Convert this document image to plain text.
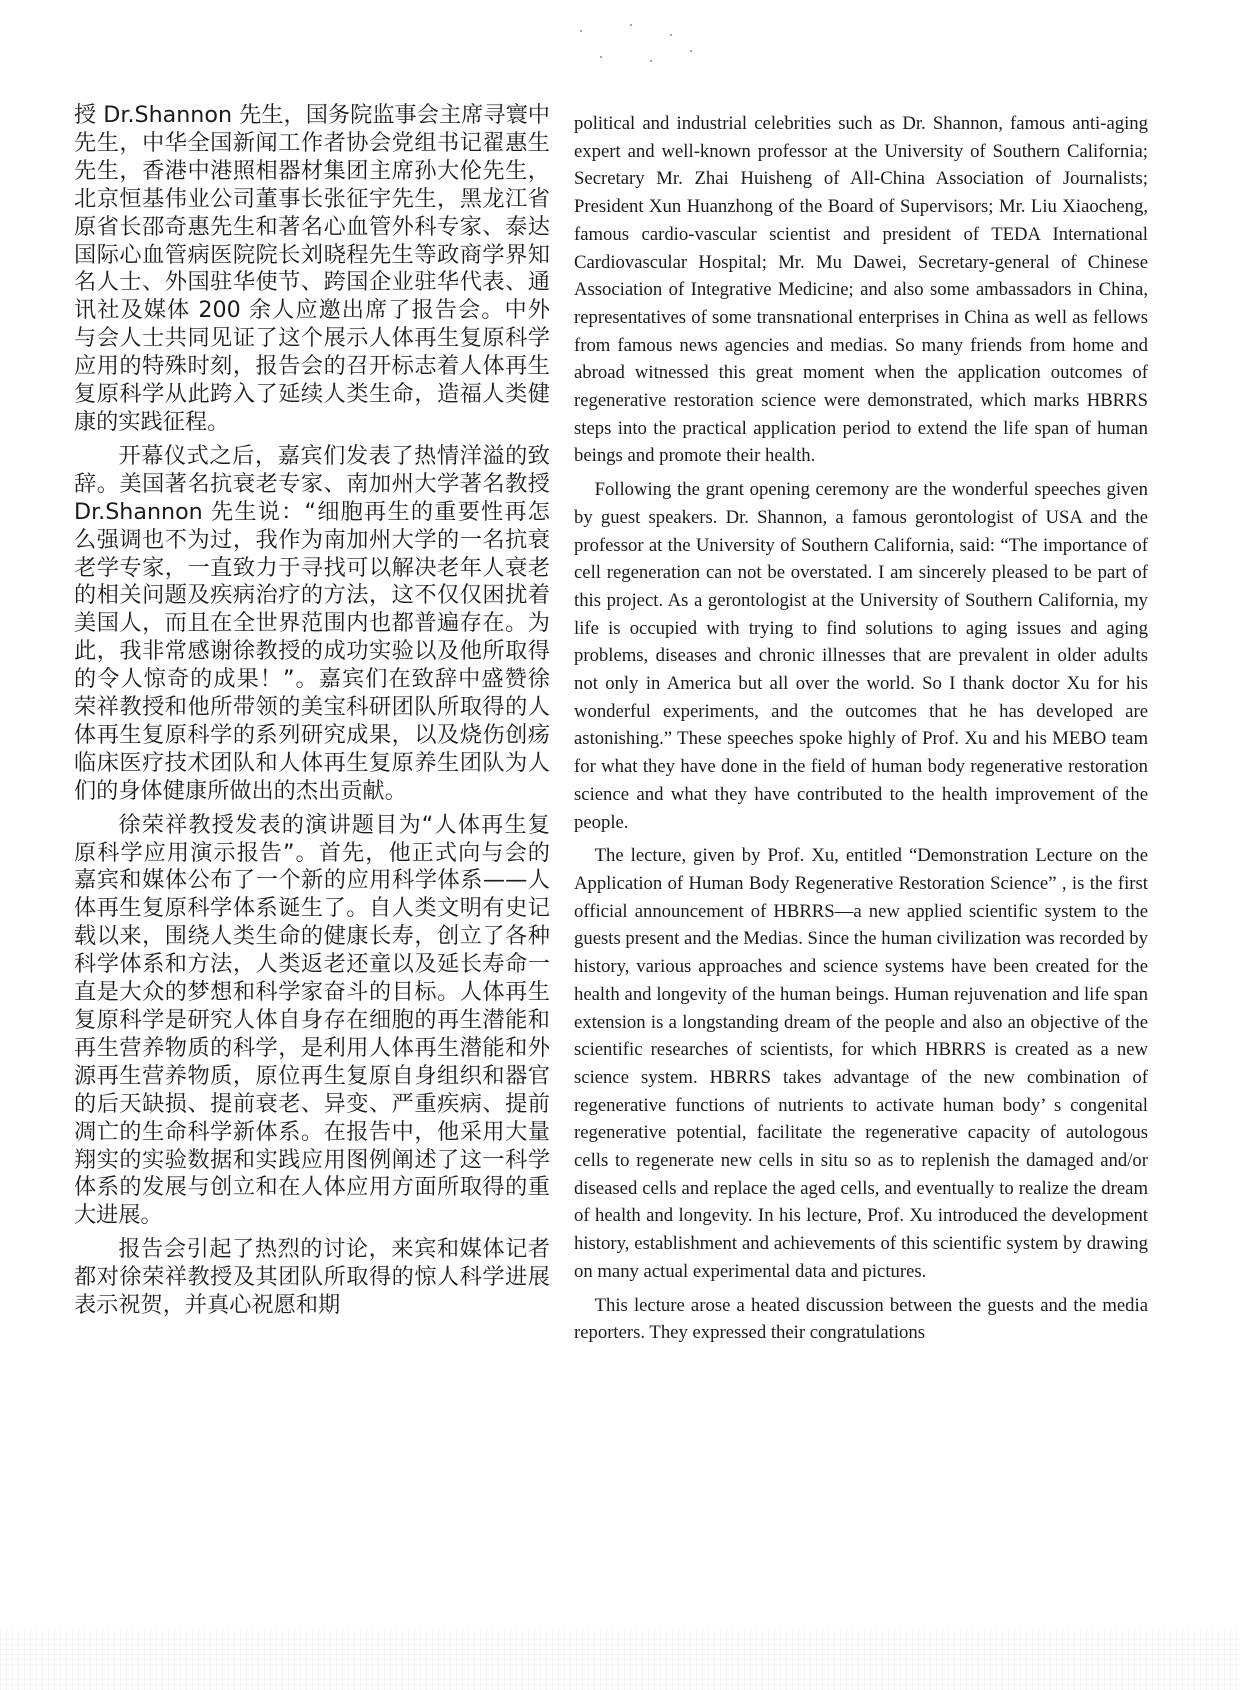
授 Dr.Shannon 先生，国务院监事会主席寻寰中先生，中华全国新闻工作者协会党组书记翟惠生先生，香港中港照相器材集团主席孙大伦先生，北京恒基伟业公司董事长张征宇先生，黑龙江省原省长邵奇惠先生和著名心血管外科专家、泰达国际心血管病医院院长刘晓程先生等政商学界知名人士、外国驻华使节、跨国企业驻华代表、通讯社及媒体 200 余人应邀出席了报告会。中外与会人士共同见证了这个展示人体再生复原科学应用的特殊时刻，报告会的召开标志着人体再生复原科学从此跨入了延续人类生命，造福人类健康的实践征程。

开幕仪式之后，嘉宾们发表了热情洋溢的致辞。美国著名抗衰老专家、南加州大学著名教授 Dr.Shannon 先生说：“细胞再生的重要性再怎么强调也不为过，我作为南加州大学的一名抗衰老学专家，一直致力于寻找可以解决老年人衰老的相关问题及疾病治疗的方法，这不仅仅困扰着美国人，而且在全世界范围内也都普遍存在。为此，我非常感谢徐教授的成功实验以及他所取得的令人惊奇的成果！”。嘉宾们在致辞中盛赞徐荣祥教授和他所带领的美宝科研团队所取得的人体再生复原科学的系列研究成果，以及烧伤创疡临床医疗技术团队和人体再生复原养生团队为人们的身体健康所做出的杰出贡献。

徐荣祥教授发表的演讲题目为“人体再生复原科学应用演示报告”。首先，他正式向与会的嘉宾和媒体公布了一个新的应用科学体系——人体再生复原科学体系诞生了。自人类文明有史记载以来，围绕人类生命的健康长寿，创立了各种科学体系和方法，人类返老还童以及延长寿命一直是大众的梦想和科学家奋斗的目标。人体再生复原科学是研究人体自身存在细胞的再生潜能和再生营养物质的科学，是利用人体再生潜能和外源再生营养物质，原位再生复原自身组织和器官的后天缺损、提前衰老、异变、严重疾病、提前凋亡的生命科学新体系。在报告中，他采用大量翔实的实验数据和实践应用图例阐述了这一科学体系的发展与创立和在人体应用方面所取得的重大进展。

报告会引起了热烈的讨论，来宾和媒体记者都对徐荣祥教授及其团队所取得的惊人科学进展表示祝贺，并真心祝愿和期

political and industrial celebrities such as Dr. Shannon, famous anti-aging expert and well-known professor at the University of Southern California; Secretary Mr. Zhai Huisheng of All-China Association of Journalists; President Xun Huanzhong of the Board of Supervisors; Mr. Liu Xiaocheng, famous cardio-vascular scientist and president of TEDA International Cardiovascular Hospital; Mr. Mu Dawei, Secretary-general of Chinese Association of Integrative Medicine; and also some ambassadors in China, representatives of some transnational enterprises in China as well as fellows from famous news agencies and medias. So many friends from home and abroad witnessed this great moment when the application outcomes of regenerative restoration science were demonstrated, which marks HBRRS steps into the practical application period to extend the life span of human beings and promote their health.

Following the grant opening ceremony are the wonderful speeches given by guest speakers. Dr. Shannon, a famous gerontologist of USA and the professor at the University of Southern California, said: “The importance of cell regeneration can not be overstated. I am sincerely pleased to be part of this project. As a gerontologist at the University of Southern California, my life is occupied with trying to find solutions to aging issues and aging problems, diseases and chronic illnesses that are prevalent in older adults not only in America but all over the world. So I thank doctor Xu for his wonderful experiments, and the outcomes that he has developed are astonishing.” These speeches spoke highly of Prof. Xu and his MEBO team for what they have done in the field of human body regenerative restoration science and what they have contributed to the health improvement of the people.

The lecture, given by Prof. Xu, entitled “Demonstration Lecture on the Application of Human Body Regenerative Restoration Science” , is the first official announcement of HBRRS—a new applied scientific system to the guests present and the Medias. Since the human civilization was recorded by history, various approaches and science systems have been created for the health and longevity of the human beings. Human rejuvenation and life span extension is a longstanding dream of the people and also an objective of the scientific researches of scientists, for which HBRRS is created as a new science system. HBRRS takes advantage of the new combination of regenerative functions of nutrients to activate human body’ s congenital regenerative potential, facilitate the regenerative capacity of autologous cells to regenerate new cells in situ so as to replenish the damaged and/or diseased cells and replace the aged cells, and eventually to realize the dream of health and longevity. In his lecture, Prof. Xu introduced the development history, establishment and achievements of this scientific system by drawing on many actual experimental data and pictures.

This lecture arose a heated discussion between the guests and the media reporters. They expressed their congratulations
